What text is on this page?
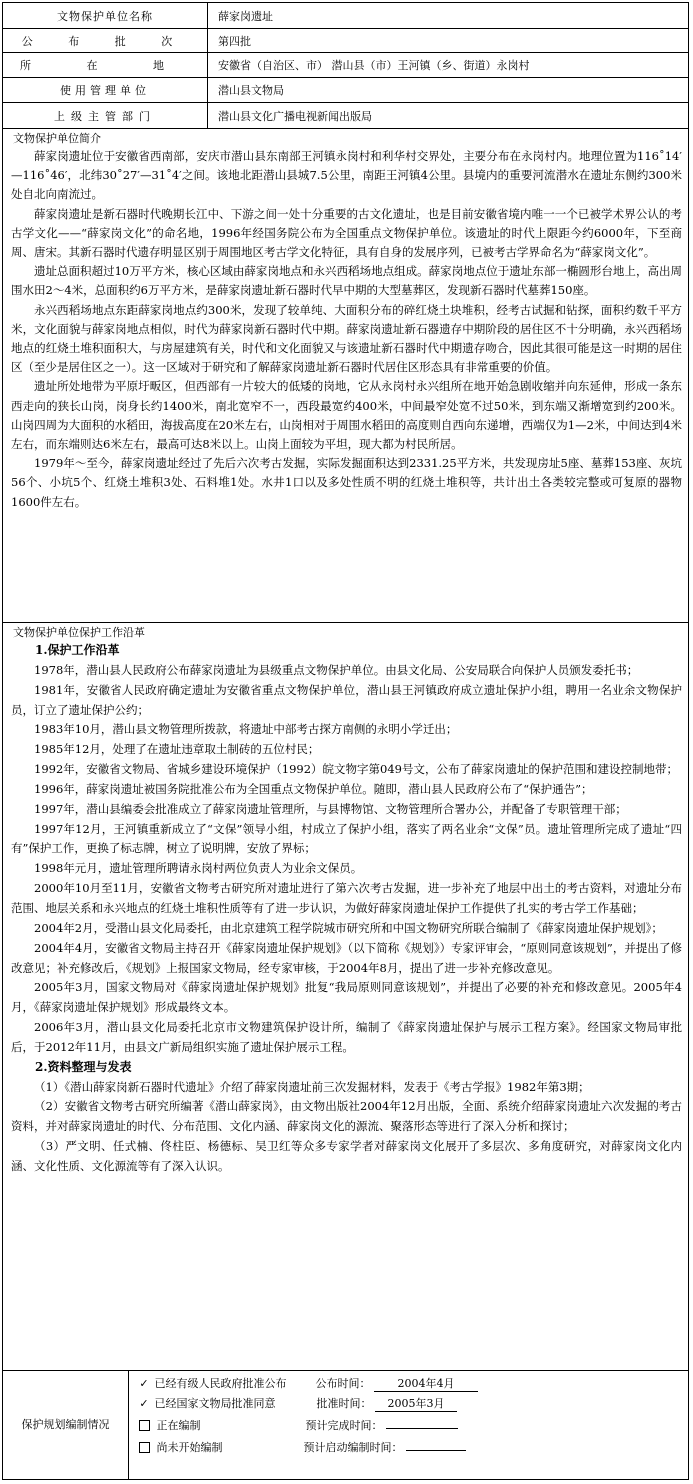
文物保护单位名称	薛家岗遗址
公 布 批 次	第四批
所 在 地	安徽省（自治区、市） 潜山县（市）王河镇（乡、街道）永岗村
使用管理单位	潜山县文物局
上级主管部门	潜山县文化广播电视新闻出版局
文物保护单位简介

薛家岗遗址位于安徽省西南部，安庆市潜山县东南部王河镇永岗村和利华村交界处，主要分布在永岗村内。地理位置为116˚14′—116˚46′，北纬30˚27′—31˚4′之间。该地北距潜山县城7.5公里，南距王河镇4公里。县境内的重要河流潜水在遗址东侧约300米处自北向南流过。

薛家岗遗址是新石器时代晚期长江中、下游之间一处十分重要的古文化遗址，也是目前安徽省境内唯一一个已被学术界公认的考古学文化——“薛家岗文化”的命名地，1996年经国务院公布为全国重点文物保护单位。该遗址的时代上限距今约6000年，下至商周、唐宋。其新石器时代遗存明显区别于周围地区考古学文化特征，具有自身的发展序列，已被考古学界命名为“薛家岗文化”。

遗址总面积超过10万平方米，核心区域由薛家岗地点和永兴西稻场地点组成。薛家岗地点位于遗址东部一椭圆形台地上，高出周围水田2～4米，总面积约6万平方米，是薛家岗遗址新石器时代早中期的大型墓葬区，发现新石器时代墓葬150座。

永兴西稻场地点东距薛家岗地点约300米，发现了较单纯、大面积分布的碎红烧土块堆积，经考古试掘和钻探，面积约数千平方米，文化面貌与薛家岗地点相似，时代为薛家岗新石器时代中期。薛家岗遗址新石器遗存中期阶段的居住区不十分明确，永兴西稻场地点的红烧土堆积面积大，与房屋建筑有关，时代和文化面貌又与该遗址新石器时代中期遗存吻合，因此其很可能是这一时期的居住区（至少是居住区之一）。这一区域对于研究和了解薛家岗遗址新石器时代居住区形态具有非常重要的价值。

遗址所处地带为平原圩畈区，但西部有一片较大的低矮的岗地，它从永岗村永兴组所在地开始急剧收缩并向东延伸，形成一条东西走向的狭长山岗，岗身长约1400米，南北宽窄不一，西段最宽约400米，中间最窄处宽不过50米，到东端又渐增宽到约200米。山岗四周为大面积的水稻田，海拔高度在20米左右，山岗相对于周围水稻田的高度则自西向东递增，西端仅为1—2米，中间达到4米左右，而东端则达6米左右，最高可达8米以上。山岗上面较为平坦，现大都为村民所居。

1979年～至今，薛家岗遗址经过了先后六次考古发掘，实际发掘面积达到2331.25平方米，共发现房址5座、墓葬153座、灰坑56个、小坑5个、红烧土堆积3处、石料堆1处。水井1口以及多处性质不明的红烧土堆积等，共计出土各类较完整或可复原的器物1600件左右。

文物保护单位保护工作沿革
1.保护工作沿革

1978年，潜山县人民政府公布薛家岗遗址为县级重点文物保护单位。由县文化局、公安局联合向保护人员颁发委托书；

1981年，安徽省人民政府确定遗址为安徽省重点文物保护单位，潜山县王河镇政府成立遗址保护小组，聘用一名业余文物保护员，订立了遗址保护公约；

1983年10月，潜山县文物管理所拨款，将遗址中部考古探方南侧的永明小学迁出；

1985年12月，处理了在遗址违章取土制砖的五位村民；

1992年，安徽省文物局、省城乡建设环境保护（1992）皖文物字第049号文，公布了薛家岗遗址的保护范围和建设控制地带；

1996年，薛家岗遗址被国务院批准公布为全国重点文物保护单位。随即，潜山县人民政府公布了“保护通告”；

1997年，潜山县编委会批准成立了薛家岗遗址管理所，与县博物馆、文物管理所合署办公，并配备了专职管理干部；

1997年12月，王河镇重新成立了“文保”领导小组，村成立了保护小组，落实了两名业余“文保”员。遗址管理所完成了遗址“四有”保护工作，更换了标志牌，树立了说明牌，安放了界标；

1998年元月，遗址管理所聘请永岗村两位负责人为业余文保员。

2000年10月至11月，安徽省文物考古研究所对遗址进行了第六次考古发掘，进一步补充了地层中出土的考古资料，对遗址分布范围、地层关系和永兴地点的红烧土堆积性质等有了进一步认识，为做好薛家岗遗址保护工作提供了扎实的考古学工作基础；

2004年2月，受潜山县文化局委托，由北京建筑工程学院城市研究所和中国文物研究所联合编制了《薛家岗遗址保护规划》；

2004年4月，安徽省文物局主持召开《薛家岗遗址保护规划》（以下简称《规划》）专家评审会，“原则同意该规划”，并提出了修改意见；补充修改后，《规划》上报国家文物局，经专家审核，于2004年8月，提出了进一步补充修改意见。

2005年3月，国家文物局对《薛家岗遗址保护规划》批复“我局原则同意该规划”，并提出了必要的补充和修改意见。2005年4月，《薛家岗遗址保护规划》形成最终文本。

2006年3月，潜山县文化局委托北京市文物建筑保护设计所，编制了《薛家岗遗址保护与展示工程方案》。经国家文物局审批后，于2012年11月，由县文广新局组织实施了遗址保护展示工程。

2.资料整理与发表

（1）《潜山薛家岗新石器时代遗址》介绍了薛家岗遗址前三次发掘材料，发表于《考古学报》1982年第3期；

（2）安徽省文物考古研究所编著《潜山薛家岗》，由文物出版社2004年12月出版，全面、系统介绍薛家岗遗址六次发掘的考古资料，并对薛家岗遗址的时代、分布范围、文化内涵、薛家岗文化的源流、聚落形态等进行了深入分析和探讨；

（3）严文明、任式楠、佟柱臣、杨德标、吴卫红等众多专家学者对薛家岗文化展开了多层次、多角度研究，对薛家岗文化内涵、文化性质、文化源流等有了深入认识。

保护规划编制情况
✓ 已经有级人民政府批准公布	公布时间： 2004年4月
✓ 已经国家文物局批准同意	批准时间： 2005年3月
正在编制	预计完成时间：
尚未开始编制	预计启动编制时间：
